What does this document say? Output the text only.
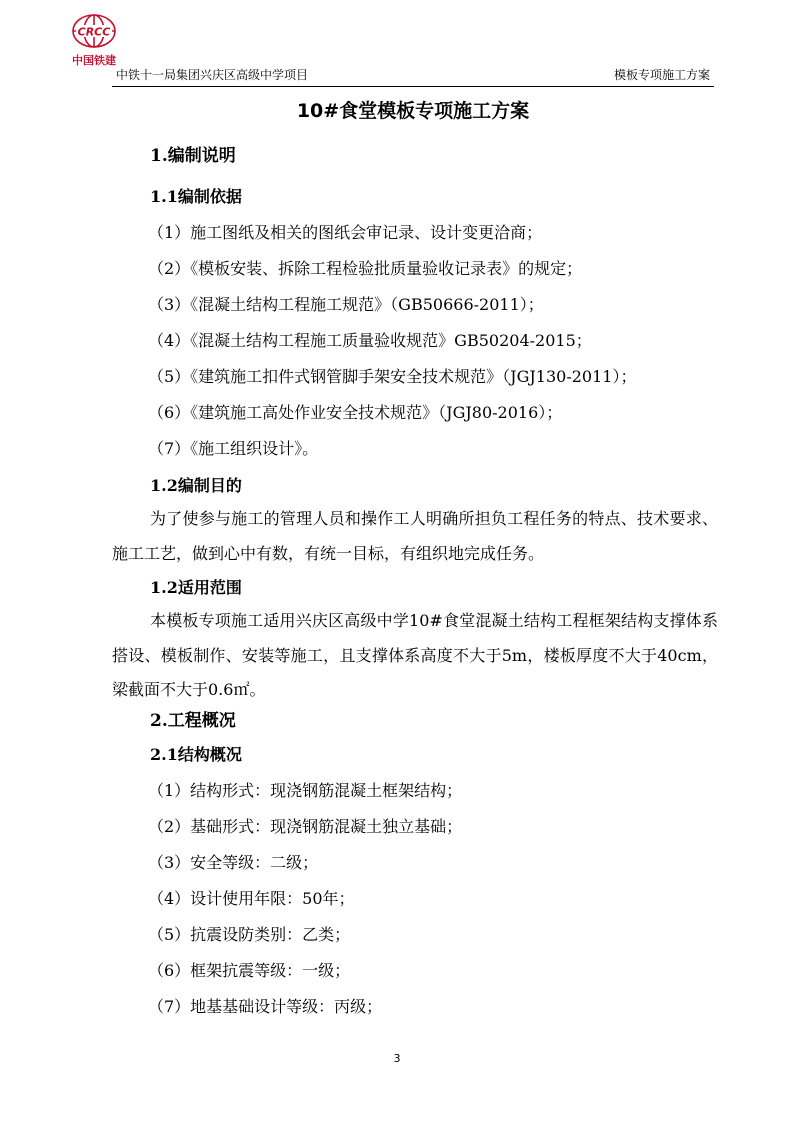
CRCC
中国铁建
中铁十一局集团兴庆区高级中学项目	模板专项施工方案
10#食堂模板专项施工方案
1.编制说明
1.1编制依据
（1）施工图纸及相关的图纸会审记录、设计变更洽商；
（2）《模板安装、拆除工程检验批质量验收记录表》的规定；
（3）《混凝土结构工程施工规范》（GB50666-2011）；
（4）《混凝土结构工程施工质量验收规范》GB50204-2015；
（5）《建筑施工扣件式钢管脚手架安全技术规范》（JGJ130-2011）；
（6）《建筑施工高处作业安全技术规范》（JGJ80-2016）；
（7）《施工组织设计》。
1.2编制目的
为了使参与施工的管理人员和操作工人明确所担负工程任务的特点、技术要求、施工工艺，做到心中有数，有统一目标，有组织地完成任务。
1.2适用范围
本模板专项施工适用兴庆区高级中学10#食堂混凝土结构工程框架结构支撑体系搭设、模板制作、安装等施工，且支撑体系高度不大于5m，楼板厚度不大于40cm，梁截面不大于0.6㎡。
2.工程概况
2.1结构概况
（1）结构形式：现浇钢筋混凝土框架结构；
（2）基础形式：现浇钢筋混凝土独立基础；
（3）安全等级：二级；
（4）设计使用年限：50年；
（5）抗震设防类别：乙类；
（6）框架抗震等级：一级；
（7）地基基础设计等级：丙级；
3
